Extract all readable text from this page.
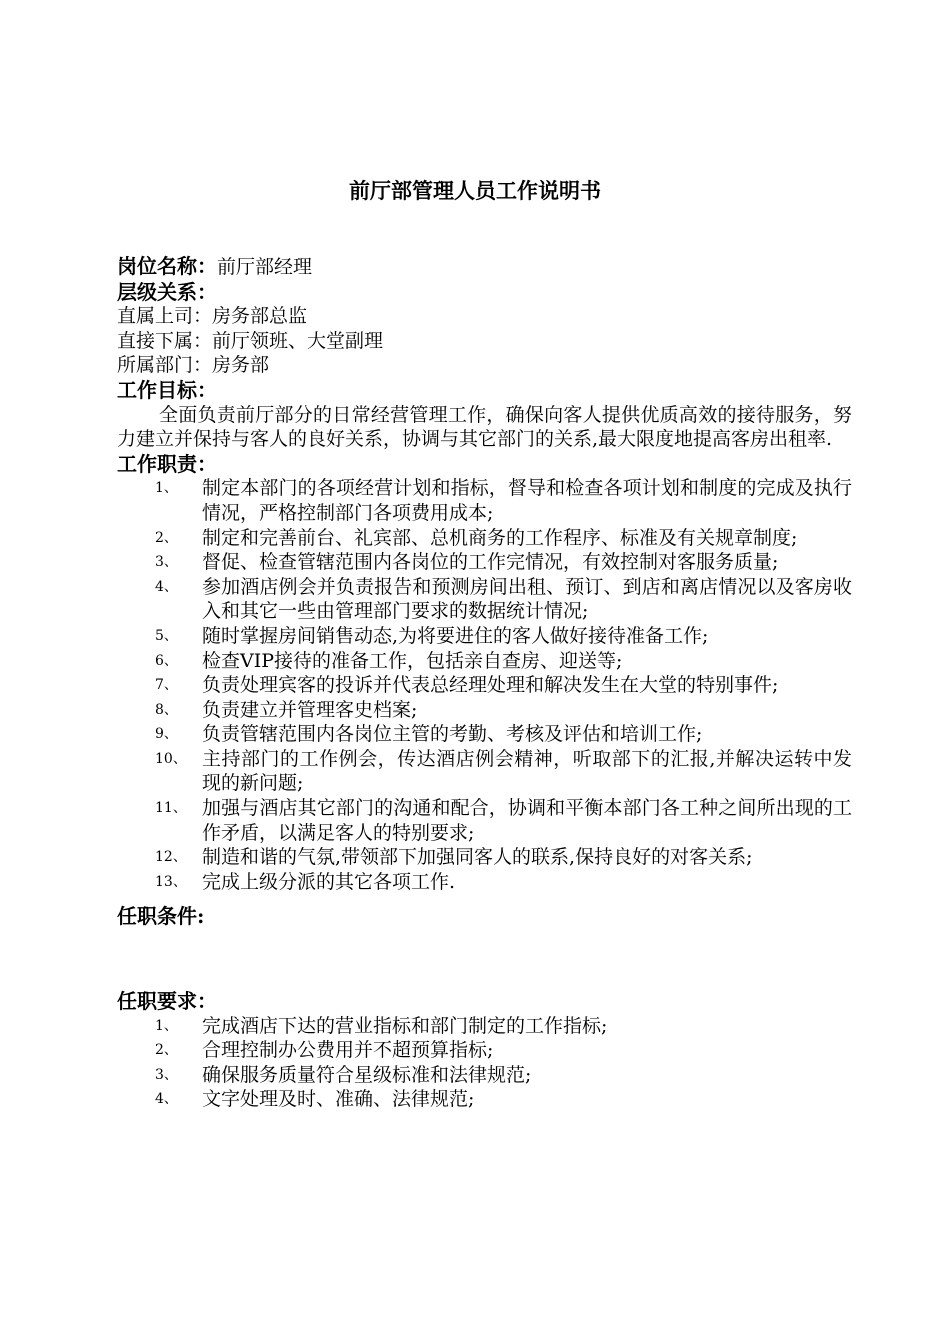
前厅部管理人员工作说明书

岗位名称：前厅部经理

层级关系：

直属上司：房务部总监

直接下属：前厅领班、大堂副理

所属部门：房务部

工作目标：

全面负责前厅部分的日常经营管理工作，确保向客人提供优质高效的接待服务，努力建立并保持与客人的良好关系，协调与其它部门的关系,最大限度地提高客房出租率.

工作职责：

1、	制定本部门的各项经营计划和指标，督导和检查各项计划和制度的完成及执行情况，严格控制部门各项费用成本;
2、	制定和完善前台、礼宾部、总机商务的工作程序、标准及有关规章制度;
3、	督促、检查管辖范围内各岗位的工作完情况，有效控制对客服务质量;
4、	参加酒店例会并负责报告和预测房间出租、预订、到店和离店情况以及客房收入和其它一些由管理部门要求的数据统计情况;
5、	随时掌握房间销售动态,为将要进住的客人做好接待准备工作;
6、	检查VIP接待的准备工作，包括亲自查房、迎送等;
7、	负责处理宾客的投诉并代表总经理处理和解决发生在大堂的特别事件;
8、	负责建立并管理客史档案;
9、	负责管辖范围内各岗位主管的考勤、考核及评估和培训工作;
10、 主持部门的工作例会，传达酒店例会精神，听取部下的汇报,并解决运转中发现的新问题;
11、 加强与酒店其它部门的沟通和配合，协调和平衡本部门各工种之间所出现的工作矛盾，以满足客人的特别要求;
12、 制造和谐的气氛,带领部下加强同客人的联系,保持良好的对客关系;
13、 完成上级分派的其它各项工作.

任职条件:

任职要求：

1、	完成酒店下达的营业指标和部门制定的工作指标;
2、	合理控制办公费用并不超预算指标;
3、	确保服务质量符合星级标准和法律规范;
4、	文字处理及时、准确、法律规范;
